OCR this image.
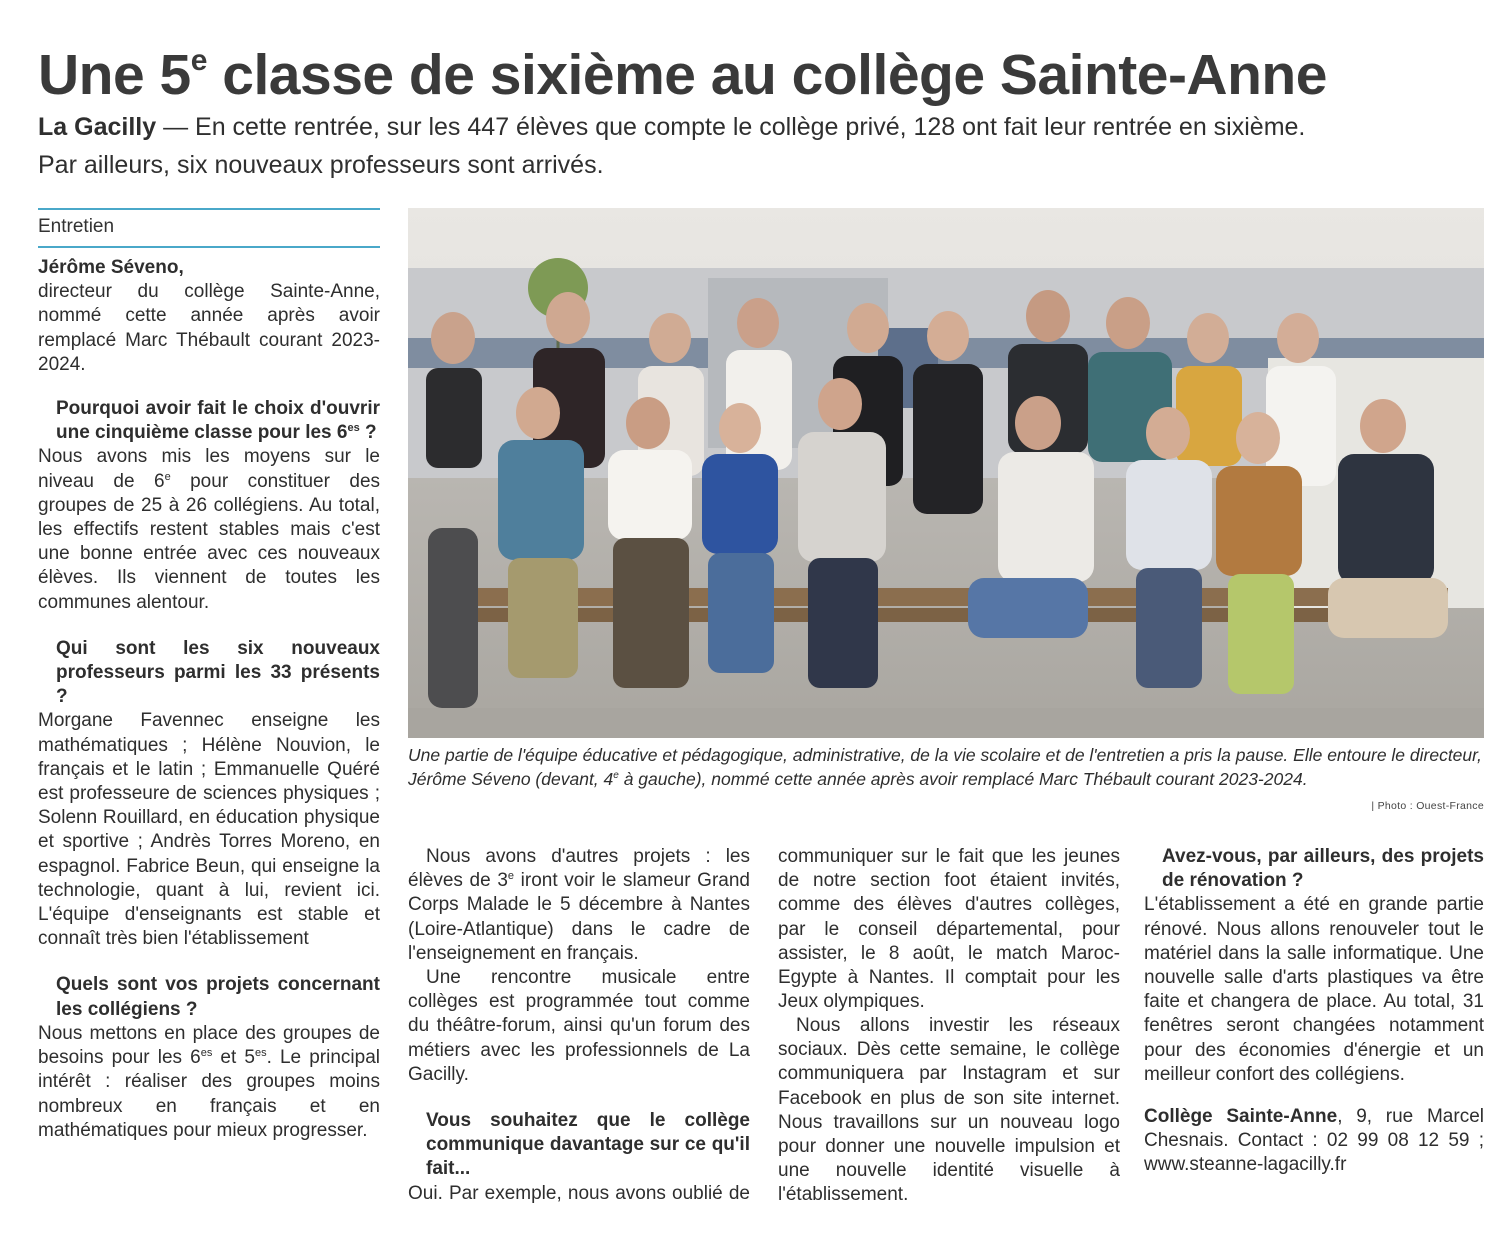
Une 5e classe de sixième au collège Sainte-Anne
La Gacilly — En cette rentrée, sur les 447 élèves que compte le collège privé, 128 ont fait leur rentrée en sixième. Par ailleurs, six nouveaux professeurs sont arrivés.
Entretien

Jérôme Séveno,
directeur du collège Sainte-Anne, nommé cette année après avoir remplacé Marc Thébault courant 2023-2024.

Pourquoi avoir fait le choix d'ouvrir une cinquième classe pour les $6^{es}$ ?

Nous avons mis les moyens sur le niveau de 6e pour constituer des groupes de 25 à 26 collégiens. Au total, les effectifs restent stables mais c'est une bonne entrée avec ces nouveaux élèves. Ils viennent de toutes les communes alentour.

Qui sont les six nouveaux professeurs parmi les 33 présents ?

Morgane Favennec enseigne les mathématiques ; Hélène Nouvion, le français et le latin ; Emmanuelle Quéré est professeure de sciences physiques ; Solenn Rouillard, en éducation physique et sportive ; Andrès Torres Moreno, en espagnol. Fabrice Beun, qui enseigne la technologie, quant à lui, revient ici. L'équipe d'enseignants est stable et connaît très bien l'établissement

Quels sont vos projets concernant les collégiens ?

Nous mettons en place des groupes de besoins pour les $6^{es}$ et $5^{es}$. Le principal intérêt : réaliser des groupes moins nombreux en français et en mathématiques pour mieux progresser.

Une partie de l'équipe éducative et pédagogique, administrative, de la vie scolaire et de l'entretien a pris la pause. Elle entoure le directeur, Jérôme Séveno (devant, 4e à gauche), nommé cette année après avoir remplacé Marc Thébault courant 2023-2024.
| Photo : Ouest-France

Nous avons d'autres projets : les élèves de 3e iront voir le slameur Grand Corps Malade le 5 décembre à Nantes (Loire-Atlantique) dans le cadre de l'enseignement en français.

Une rencontre musicale entre collèges est programmée tout comme du théâtre-forum, ainsi qu'un forum des métiers avec les professionnels de La Gacilly.

Vous souhaitez que le collège communique davantage sur ce qu'il fait...

Oui. Par exemple, nous avons oublié de

communiquer sur le fait que les jeunes de notre section foot étaient invités, comme des élèves d'autres collèges, par le conseil départemental, pour assister, le 8 août, le match Maroc-Egypte à Nantes. Il comptait pour les Jeux olympiques.

Nous allons investir les réseaux sociaux. Dès cette semaine, le collège communiquera par Instagram et sur Facebook en plus de son site internet. Nous travaillons sur un nouveau logo pour donner une nouvelle impulsion et une nouvelle identité visuelle à l'établissement.

Avez-vous, par ailleurs, des projets de rénovation ?

L'établissement a été en grande partie rénové. Nous allons renouveler tout le matériel dans la salle informatique. Une nouvelle salle d'arts plastiques va être faite et changera de place. Au total, 31 fenêtres seront changées notamment pour des économies d'énergie et un meilleur confort des collégiens.

Collège Sainte-Anne, 9, rue Marcel Chesnais. Contact : 02 99 08 12 59 ; www.steanne-lagacilly.fr
